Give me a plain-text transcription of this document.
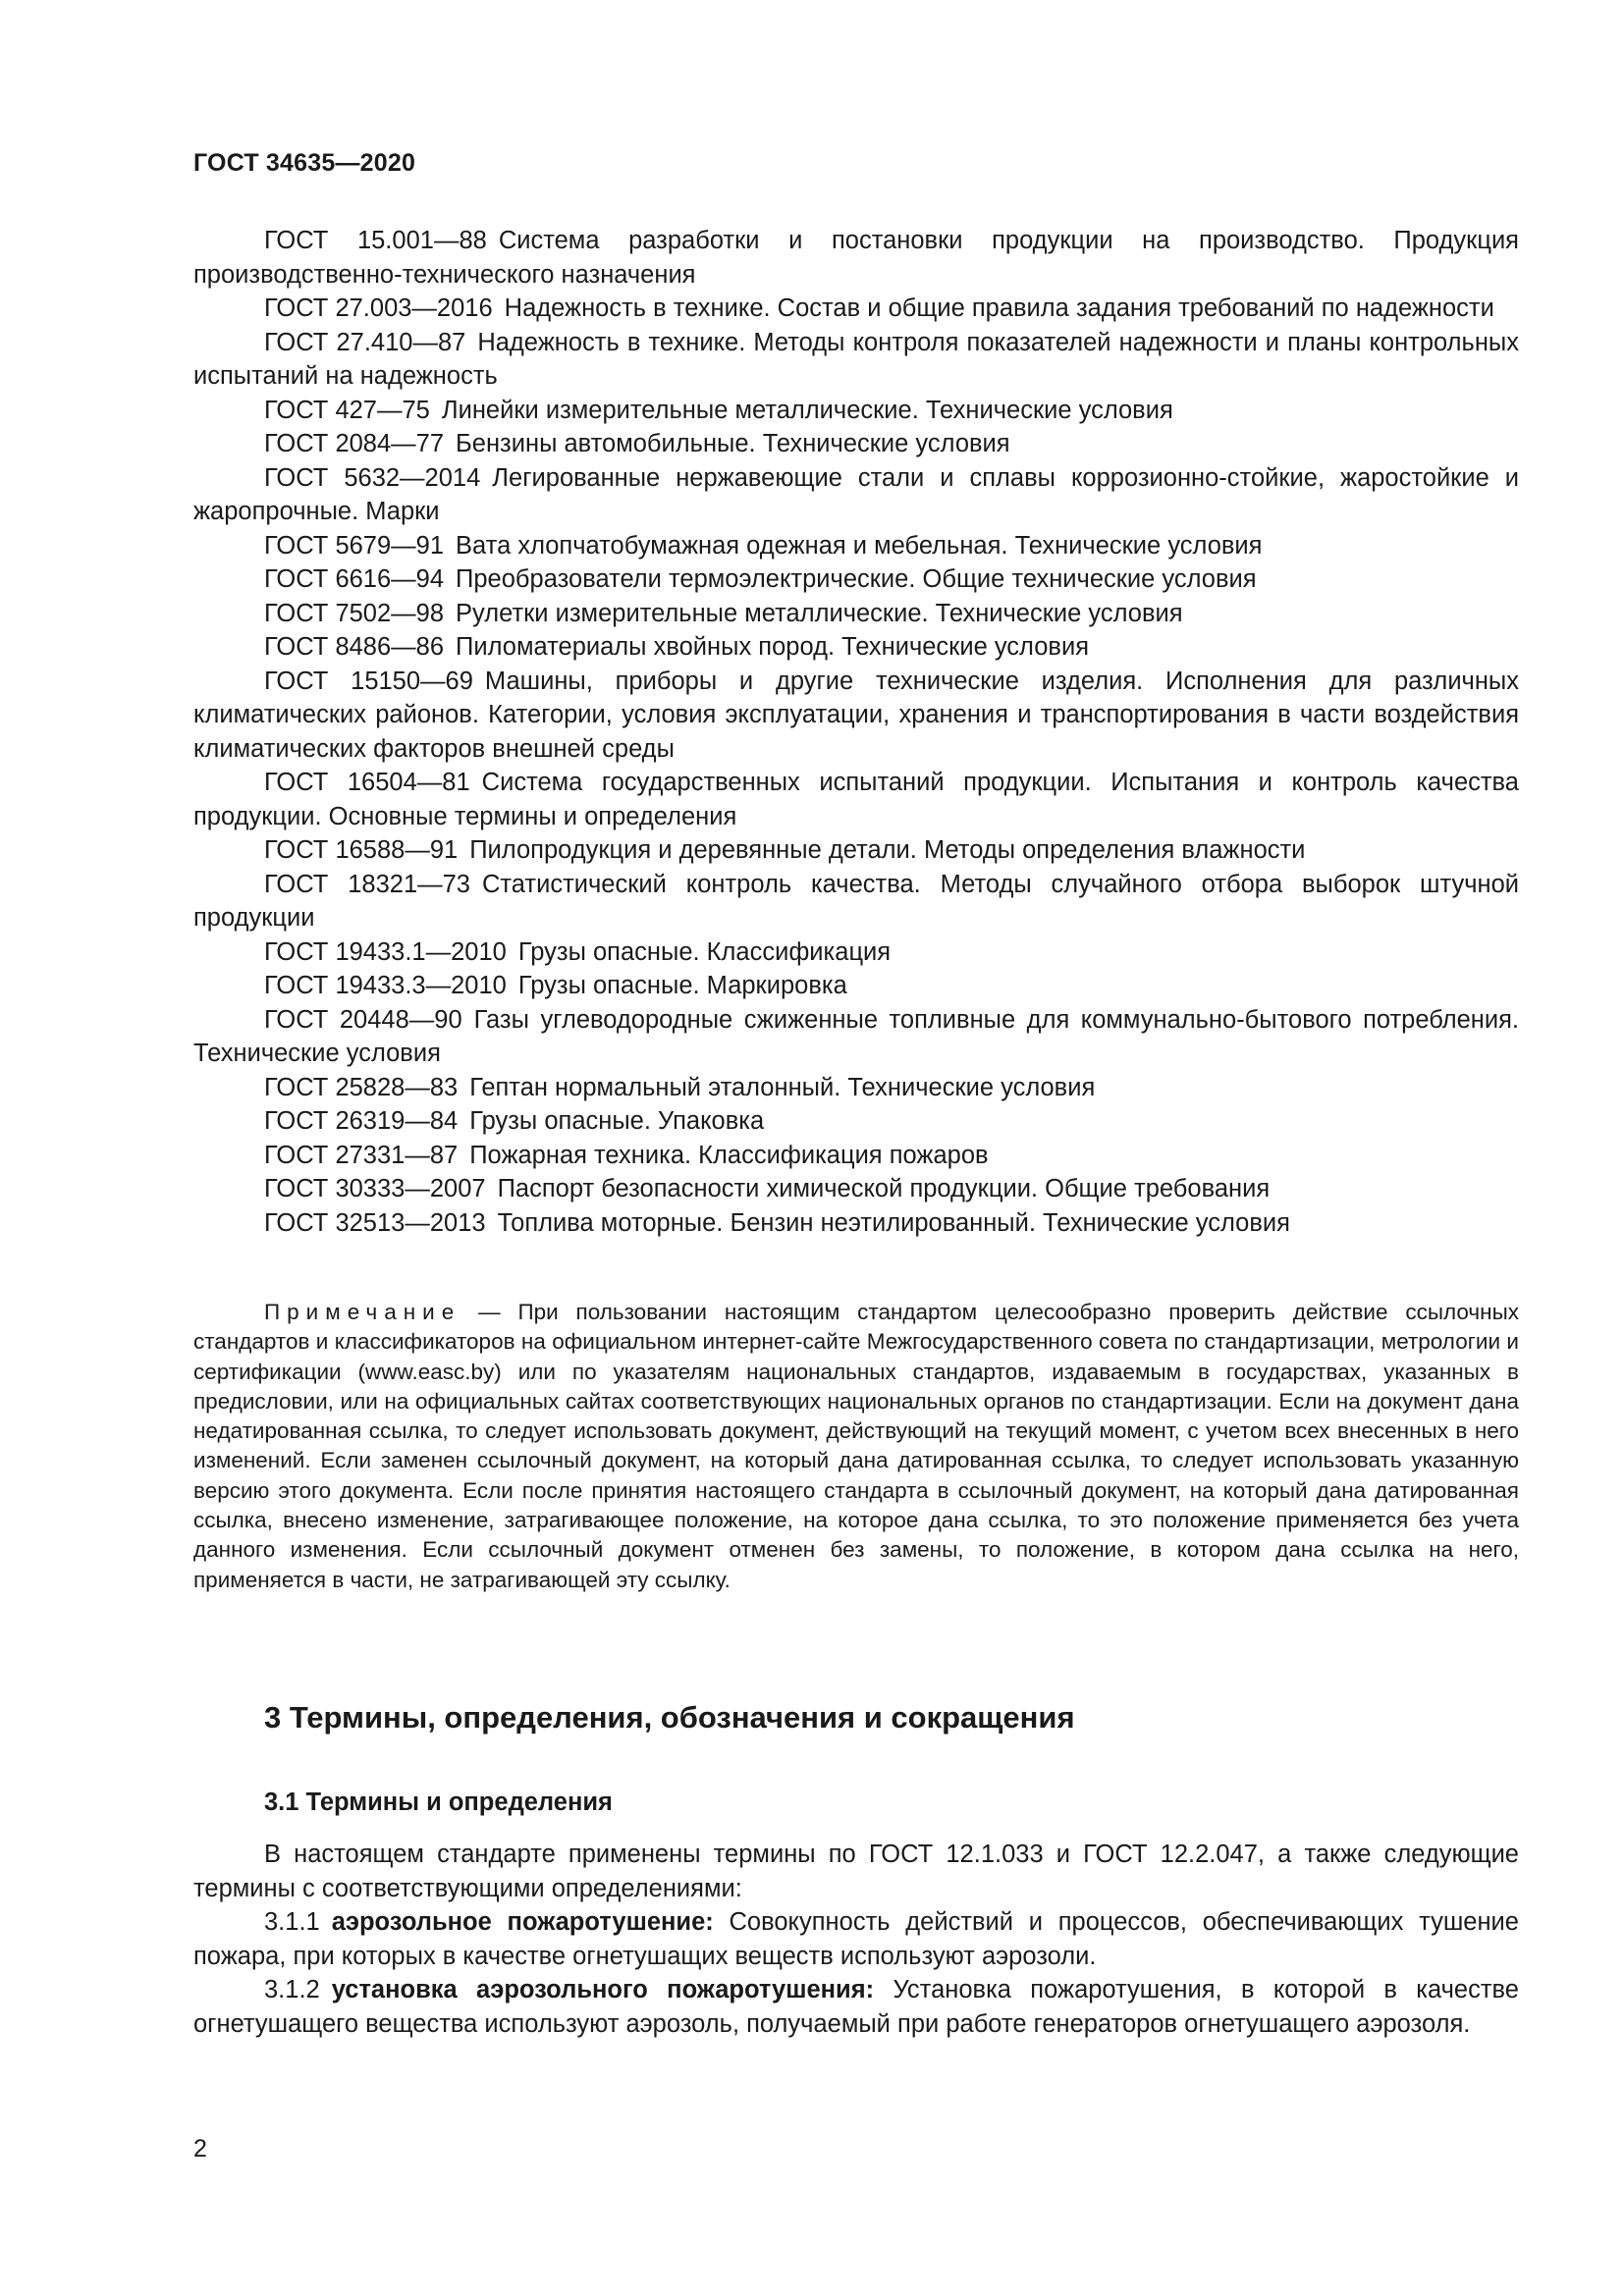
ГОСТ 34635—2020
ГОСТ 15.001—88 Система разработки и постановки продукции на производство. Продукция производственно-технического назначения
ГОСТ 27.003—2016 Надежность в технике. Состав и общие правила задания требований по надежности
ГОСТ 27.410—87 Надежность в технике. Методы контроля показателей надежности и планы контрольных испытаний на надежность
ГОСТ 427—75 Линейки измерительные металлические. Технические условия
ГОСТ 2084—77 Бензины автомобильные. Технические условия
ГОСТ 5632—2014 Легированные нержавеющие стали и сплавы коррозионно-стойкие, жаростойкие и жаропрочные. Марки
ГОСТ 5679—91 Вата хлопчатобумажная одежная и мебельная. Технические условия
ГОСТ 6616—94 Преобразователи термоэлектрические. Общие технические условия
ГОСТ 7502—98 Рулетки измерительные металлические. Технические условия
ГОСТ 8486—86 Пиломатериалы хвойных пород. Технические условия
ГОСТ 15150—69 Машины, приборы и другие технические изделия. Исполнения для различных климатических районов. Категории, условия эксплуатации, хранения и транспортирования в части воздействия климатических факторов внешней среды
ГОСТ 16504—81 Система государственных испытаний продукции. Испытания и контроль качества продукции. Основные термины и определения
ГОСТ 16588—91 Пилопродукция и деревянные детали. Методы определения влажности
ГОСТ 18321—73 Статистический контроль качества. Методы случайного отбора выборок штучной продукции
ГОСТ 19433.1—2010 Грузы опасные. Классификация
ГОСТ 19433.3—2010 Грузы опасные. Маркировка
ГОСТ 20448—90 Газы углеводородные сжиженные топливные для коммунально-бытового потребления. Технические условия
ГОСТ 25828—83 Гептан нормальный эталонный. Технические условия
ГОСТ 26319—84 Грузы опасные. Упаковка
ГОСТ 27331—87 Пожарная техника. Классификация пожаров
ГОСТ 30333—2007 Паспорт безопасности химической продукции. Общие требования
ГОСТ 32513—2013 Топлива моторные. Бензин неэтилированный. Технические условия
Примечание — При пользовании настоящим стандартом целесообразно проверить действие ссылочных стандартов и классификаторов на официальном интернет-сайте Межгосударственного совета по стандартизации, метрологии и сертификации (www.easc.by) или по указателям национальных стандартов, издаваемым в государствах, указанных в предисловии, или на официальных сайтах соответствующих национальных органов по стандартизации. Если на документ дана недатированная ссылка, то следует использовать документ, действующий на текущий момент, с учетом всех внесенных в него изменений. Если заменен ссылочный документ, на который дана датированная ссылка, то следует использовать указанную версию этого документа. Если после принятия настоящего стандарта в ссылочный документ, на который дана датированная ссылка, внесено изменение, затрагивающее положение, на которое дана ссылка, то это положение применяется без учета данного изменения. Если ссылочный документ отменен без замены, то положение, в котором дана ссылка на него, применяется в части, не затрагивающей эту ссылку.
3 Термины, определения, обозначения и сокращения
3.1 Термины и определения
В настоящем стандарте применены термины по ГОСТ 12.1.033 и ГОСТ 12.2.047, а также следующие термины с соответствующими определениями:
3.1.1 аэрозольное пожаротушение: Совокупность действий и процессов, обеспечивающих тушение пожара, при которых в качестве огнетушащих веществ используют аэрозоли.
3.1.2 установка аэрозольного пожаротушения: Установка пожаротушения, в которой в качестве огнетушащего вещества используют аэрозоль, получаемый при работе генераторов огнетушащего аэрозоля.
2
